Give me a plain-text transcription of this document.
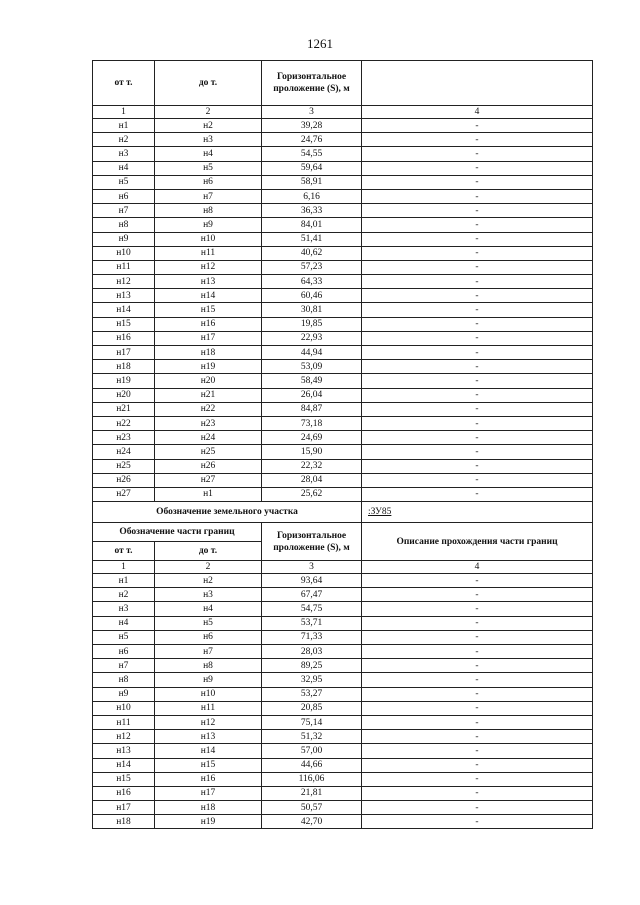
1261
от т.	до т.	Горизонтальное проложение (S), м	
1	2	3	4
н1	н2	39,28	-
н2	н3	24,76	-
н3	н4	54,55	-
н4	н5	59,64	-
н5	н6	58,91	-
н6	н7	6,16	-
н7	н8	36,33	-
н8	н9	84,01	-
н9	н10	51,41	-
н10	н11	40,62	-
н11	н12	57,23	-
н12	н13	64,33	-
н13	н14	60,46	-
н14	н15	30,81	-
н15	н16	19,85	-
н16	н17	22,93	-
н17	н18	44,94	-
н18	н19	53,09	-
н19	н20	58,49	-
н20	н21	26,04	-
н21	н22	84,87	-
н22	н23	73,18	-
н23	н24	24,69	-
н24	н25	15,90	-
н25	н26	22,32	-
н26	н27	28,04	-
н27	н1	25,62	-
Обозначение земельного участка			:ЗУ85
Обозначение части границ		Горизонтальное проложение (S), м	Описание прохождения части границ
от т.	до т.		
1	2	3	4
н1	н2	93,64	-
н2	н3	67,47	-
н3	н4	54,75	-
н4	н5	53,71	-
н5	н6	71,33	-
н6	н7	28,03	-
н7	н8	89,25	-
н8	н9	32,95	-
н9	н10	53,27	-
н10	н11	20,85	-
н11	н12	75,14	-
н12	н13	51,32	-
н13	н14	57,00	-
н14	н15	44,66	-
н15	н16	116,06	-
н16	н17	21,81	-
н17	н18	50,57	-
н18	н19	42,70	-
